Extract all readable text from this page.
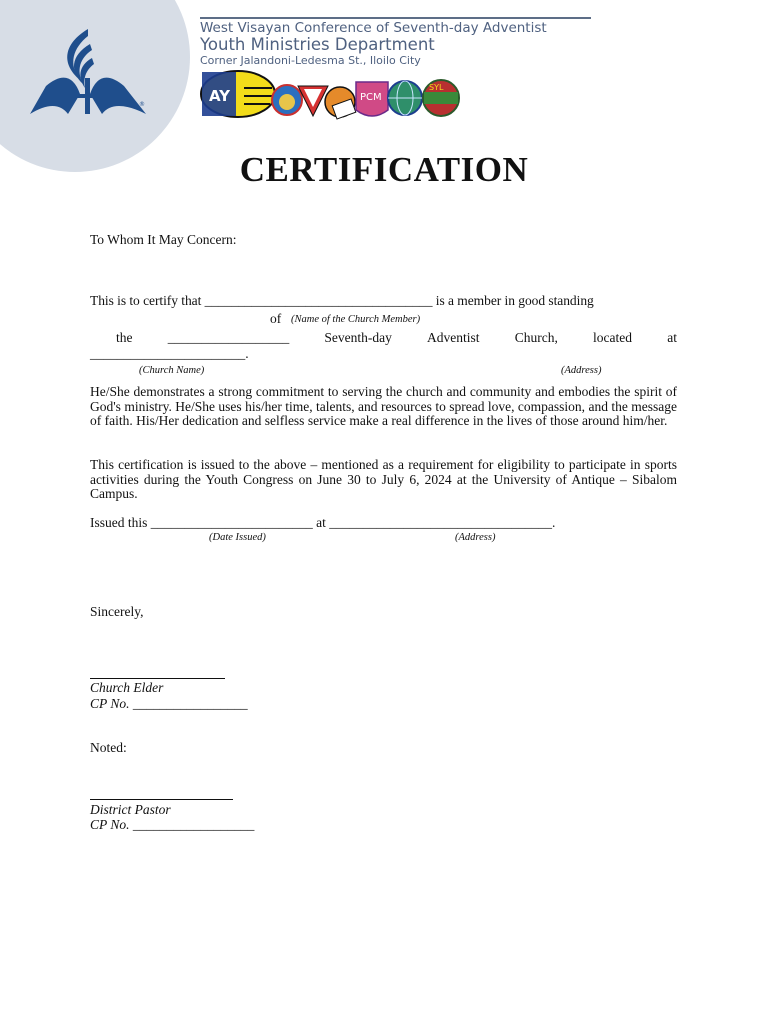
®
West Visayan Conference of Seventh-day Adventist
Youth Ministries Department
Corner Jalandoni-Ledesma St., Iloilo City
AY	PCM
SYL
CERTIFICATION
To Whom It May Concern:
This is to certify that __________________________________ is a member in good standing
of (Name of the Church Member)
the	__________________	Seventh-day	Adventist	Church,	located	at
_______________________.
(Church Name)	(Address)
He/She demonstrates a strong commitment to serving the church and community and embodies the spirit of God's ministry. He/She uses his/her time, talents, and resources to spread love, compassion, and the message of faith. His/Her dedication and selfless service make a real difference in the lives of those around him/her.
This certification is issued to the above – mentioned as a requirement for eligibility to participate in sports activities during the Youth Congress on June 30 to July 6, 2024 at the University of Antique – Sibalom Campus.
Issued this ________________________ at _________________________________.
(Date Issued)	(Address)
Sincerely,
Church Elder
CP No. _________________
Noted:
District Pastor
CP No. __________________
